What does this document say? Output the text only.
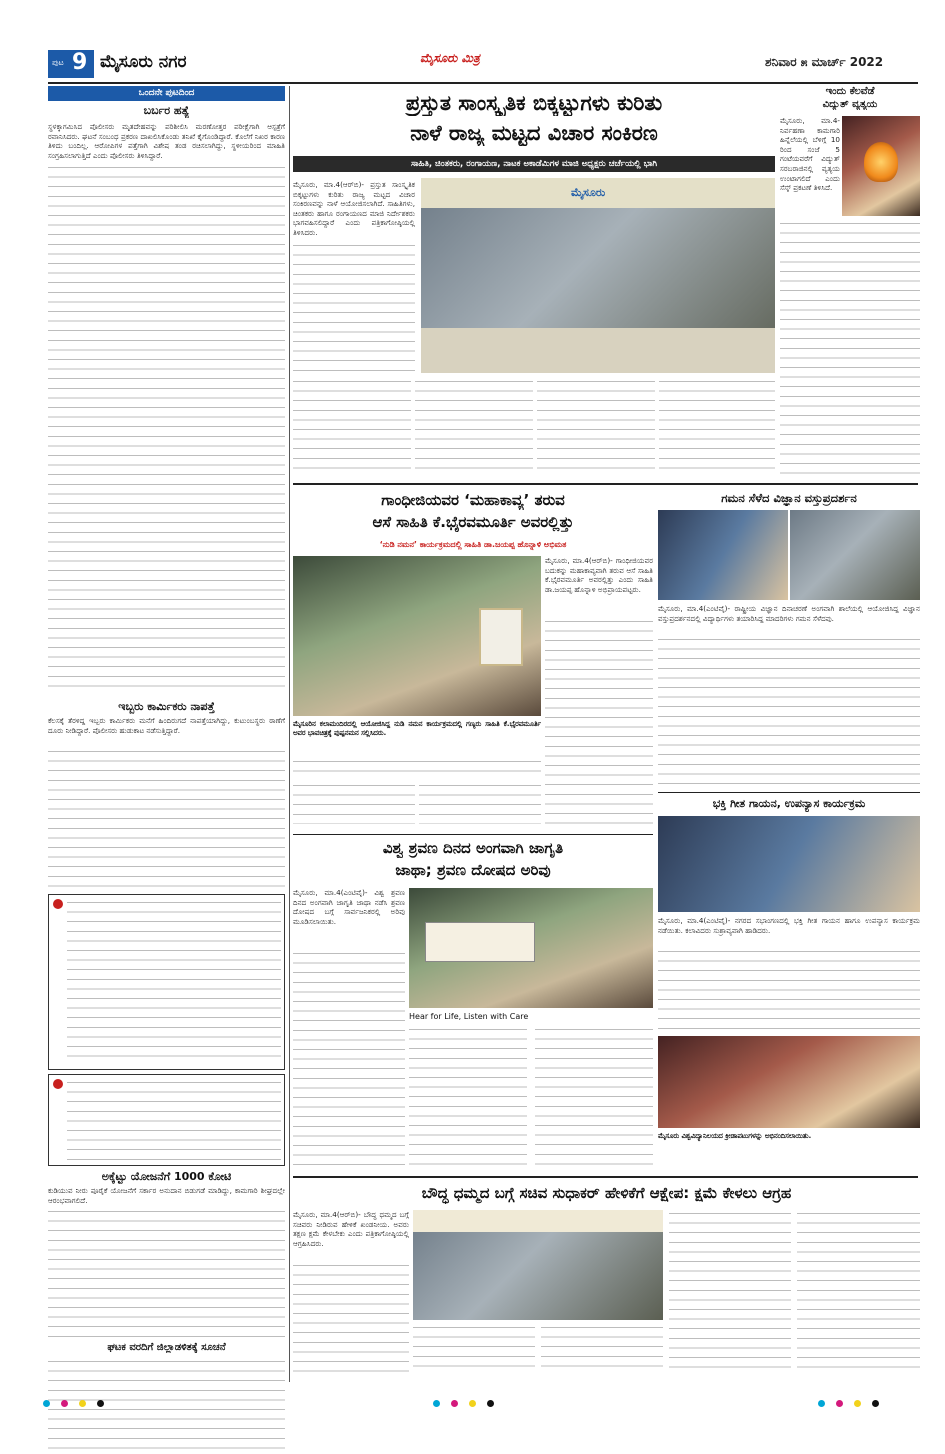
ಪುಟ 9 ಮೈಸೂರು ನಗರ	ಮೈಸೂರು ಮಿತ್ರ	ಶನಿವಾರ ೫ ಮಾರ್ಚ್ 2022
ಒಂದನೇ ಪುಟದಿಂದ
ಬರ್ಬರ ಹತ್ಯೆ
ಸ್ಥಳಕ್ಕಾಗಮಿಸಿದ ಪೊಲೀಸರು ಮೃತದೇಹವನ್ನು ಪರಿಶೀಲಿಸಿ ಮರಣೋತ್ತರ ಪರೀಕ್ಷೆಗಾಗಿ ಆಸ್ಪತ್ರೆಗೆ ರವಾನಿಸಿದರು. ಘಟನೆ ಸಂಬಂಧ ಪ್ರಕರಣ ದಾಖಲಿಸಿಕೊಂಡು ತನಿಖೆ ಕೈಗೊಂಡಿದ್ದಾರೆ. ಕೊಲೆಗೆ ನಿಖರ ಕಾರಣ ತಿಳಿದು ಬಂದಿಲ್ಲ. ಆರೋಪಿಗಳ ಪತ್ತೆಗಾಗಿ ವಿಶೇಷ ತಂಡ ರಚಿಸಲಾಗಿದ್ದು, ಸ್ಥಳೀಯರಿಂದ ಮಾಹಿತಿ ಸಂಗ್ರಹಿಸಲಾಗುತ್ತಿದೆ ಎಂದು ಪೊಲೀಸರು ತಿಳಿಸಿದ್ದಾರೆ.
ಇಬ್ಬರು ಕಾರ್ಮಿಕರು ನಾಪತ್ತೆ
ಕೆಲಸಕ್ಕೆ ತೆರಳಿದ್ದ ಇಬ್ಬರು ಕಾರ್ಮಿಕರು ಮನೆಗೆ ಹಿಂದಿರುಗದೆ ನಾಪತ್ತೆಯಾಗಿದ್ದು, ಕುಟುಂಬಸ್ಥರು ಠಾಣೆಗೆ ದೂರು ನೀಡಿದ್ದಾರೆ. ಪೊಲೀಸರು ಹುಡುಕಾಟ ನಡೆಸುತ್ತಿದ್ದಾರೆ.
ಅಕ್ಕೆಟ್ಟು ಯೋಜನೆಗೆ 1000 ಕೋಟಿ
ಕುಡಿಯುವ ನೀರು ಪೂರೈಕೆ ಯೋಜನೆಗೆ ಸರ್ಕಾರ ಅನುದಾನ ಬಿಡುಗಡೆ ಮಾಡಿದ್ದು, ಕಾಮಗಾರಿ ಶೀಘ್ರದಲ್ಲೇ ಆರಂಭವಾಗಲಿದೆ.
ಘಟಕ ವರದಿಗೆ ಜಿಲ್ಲಾಡಳಿತಕ್ಕೆ ಸೂಚನೆ
ಪ್ರಸ್ತುತ ಸಾಂಸ್ಕೃತಿಕ ಬಿಕ್ಕಟ್ಟುಗಳು ಕುರಿತು
ನಾಳೆ ರಾಜ್ಯ ಮಟ್ಟದ ವಿಚಾರ ಸಂಕಿರಣ
ಸಾಹಿತಿ, ಚಿಂತಕರು, ರಂಗಾಯಣ, ನಾಟಕ ಅಕಾಡೆಮಿಗಳ ಮಾಜಿ ಅಧ್ಯಕ್ಷರು ಚರ್ಚೆಯಲ್ಲಿ ಭಾಗಿ
ಮೈಸೂರು
ಮೈಸೂರು, ಮಾ.4(ಆರ್‌ಬಿ)- ಪ್ರಸ್ತುತ ಸಾಂಸ್ಕೃತಿಕ ಬಿಕ್ಕಟ್ಟುಗಳು ಕುರಿತು ರಾಜ್ಯ ಮಟ್ಟದ ವಿಚಾರ ಸಂಕಿರಣವನ್ನು ನಾಳೆ ಆಯೋಜಿಸಲಾಗಿದೆ. ಸಾಹಿತಿಗಳು, ಚಿಂತಕರು ಹಾಗೂ ರಂಗಾಯಣದ ಮಾಜಿ ನಿರ್ದೇಶಕರು ಭಾಗವಹಿಸಲಿದ್ದಾರೆ ಎಂದು ಪತ್ರಿಕಾಗೋಷ್ಠಿಯಲ್ಲಿ ತಿಳಿಸಿದರು.
ಇಂದು ಕೆಲವೆಡೆ
ವಿದ್ಯುತ್ ವ್ಯತ್ಯಯ
ಮೈಸೂರು, ಮಾ.4- ನಿರ್ವಹಣಾ ಕಾಮಗಾರಿ ಹಿನ್ನೆಲೆಯಲ್ಲಿ ಬೆಳಿಗ್ಗೆ 10 ರಿಂದ ಸಂಜೆ 5 ಗಂಟೆಯವರೆಗೆ ವಿದ್ಯುತ್ ಸರಬರಾಜಿನಲ್ಲಿ ವ್ಯತ್ಯಯ ಉಂಟಾಗಲಿದೆ ಎಂದು ಸೆಸ್ಕ್ ಪ್ರಕಟಣೆ ತಿಳಿಸಿದೆ.
ಗಾಂಧೀಜಿಯವರ ‘ಮಹಾಕಾವ್ಯ’ ತರುವ
ಆಸೆ ಸಾಹಿತಿ ಕೆ.ಭೈರವಮೂರ್ತಿ ಅವರಲ್ಲಿತ್ತು
‘ನುಡಿ ನಮನ’ ಕಾರ್ಯಕ್ರಮದಲ್ಲಿ ಸಾಹಿತಿ ಡಾ.ಜಯಪ್ಪ ಹೊನ್ನಾಳಿ ಅಭಿಮತ
ಮೈಸೂರಿನ ಕಲಾಮಂದಿರದಲ್ಲಿ ಆಯೋಜಿಸಿದ್ದ ನುಡಿ ನಮನ ಕಾರ್ಯಕ್ರಮದಲ್ಲಿ ಗಣ್ಯರು ಸಾಹಿತಿ ಕೆ.ಭೈರವಮೂರ್ತಿ ಅವರ ಭಾವಚಿತ್ರಕ್ಕೆ ಪುಷ್ಪನಮನ ಸಲ್ಲಿಸಿದರು.
ಮೈಸೂರು, ಮಾ.4(ಆರ್‌ಬಿ)- ಗಾಂಧೀಜಿಯವರ ಬದುಕನ್ನು ಮಹಾಕಾವ್ಯವಾಗಿ ತರುವ ಆಸೆ ಸಾಹಿತಿ ಕೆ.ಭೈರವಮೂರ್ತಿ ಅವರಲ್ಲಿತ್ತು ಎಂದು ಸಾಹಿತಿ ಡಾ.ಜಯಪ್ಪ ಹೊನ್ನಾಳಿ ಅಭಿಪ್ರಾಯಪಟ್ಟರು.
ಗಮನ ಸೆಳೆದ ವಿಜ್ಞಾನ ವಸ್ತುಪ್ರದರ್ಶನ
ಮೈಸೂರು, ಮಾ.4(ಎಂಟಿವೈ)- ರಾಷ್ಟ್ರೀಯ ವಿಜ್ಞಾನ ದಿನಾಚರಣೆ ಅಂಗವಾಗಿ ಶಾಲೆಯಲ್ಲಿ ಆಯೋಜಿಸಿದ್ದ ವಿಜ್ಞಾನ ವಸ್ತುಪ್ರದರ್ಶನದಲ್ಲಿ ವಿದ್ಯಾರ್ಥಿಗಳು ತಯಾರಿಸಿದ್ದ ಮಾದರಿಗಳು ಗಮನ ಸೆಳೆದವು.
ಭಕ್ತಿ ಗೀತ ಗಾಯನ, ಉಪನ್ಯಾಸ ಕಾರ್ಯಕ್ರಮ
ಮೈಸೂರು, ಮಾ.4(ಎಂಟಿವೈ)- ನಗರದ ಸಭಾಂಗಣದಲ್ಲಿ ಭಕ್ತಿ ಗೀತ ಗಾಯನ ಹಾಗೂ ಉಪನ್ಯಾಸ ಕಾರ್ಯಕ್ರಮ ನಡೆಯಿತು. ಕಲಾವಿದರು ಸುಶ್ರಾವ್ಯವಾಗಿ ಹಾಡಿದರು.
ಮೈಸೂರು ವಿಶ್ವವಿದ್ಯಾನಿಲಯದ ಕ್ರೀಡಾಪಟುಗಳನ್ನು ಅಭಿನಂದಿಸಲಾಯಿತು.
ವಿಶ್ವ ಶ್ರವಣ ದಿನದ ಅಂಗವಾಗಿ ಜಾಗೃತಿ
ಜಾಥಾ; ಶ್ರವಣ ದೋಷದ ಅರಿವು
ಮೈಸೂರು, ಮಾ.4(ಎಂಟಿವೈ)- ವಿಶ್ವ ಶ್ರವಣ ದಿನದ ಅಂಗವಾಗಿ ಜಾಗೃತಿ ಜಾಥಾ ನಡೆಸಿ ಶ್ರವಣ ದೋಷದ ಬಗ್ಗೆ ಸಾರ್ವಜನಿಕರಲ್ಲಿ ಅರಿವು ಮೂಡಿಸಲಾಯಿತು.
Hear for Life, Listen with Care
ಬೌದ್ಧ ಧಮ್ಮದ ಬಗ್ಗೆ ಸಚಿವ ಸುಧಾಕರ್ ಹೇಳಿಕೆಗೆ ಆಕ್ಷೇಪ: ಕ್ಷಮೆ ಕೇಳಲು ಆಗ್ರಹ
ಮೈಸೂರು, ಮಾ.4(ಆರ್‌ಬಿ)- ಬೌದ್ಧ ಧಮ್ಮದ ಬಗ್ಗೆ ಸಚಿವರು ನೀಡಿರುವ ಹೇಳಿಕೆ ಖಂಡನೀಯ. ಅವರು ತಕ್ಷಣ ಕ್ಷಮೆ ಕೇಳಬೇಕು ಎಂದು ಪತ್ರಿಕಾಗೋಷ್ಠಿಯಲ್ಲಿ ಆಗ್ರಹಿಸಿದರು.
